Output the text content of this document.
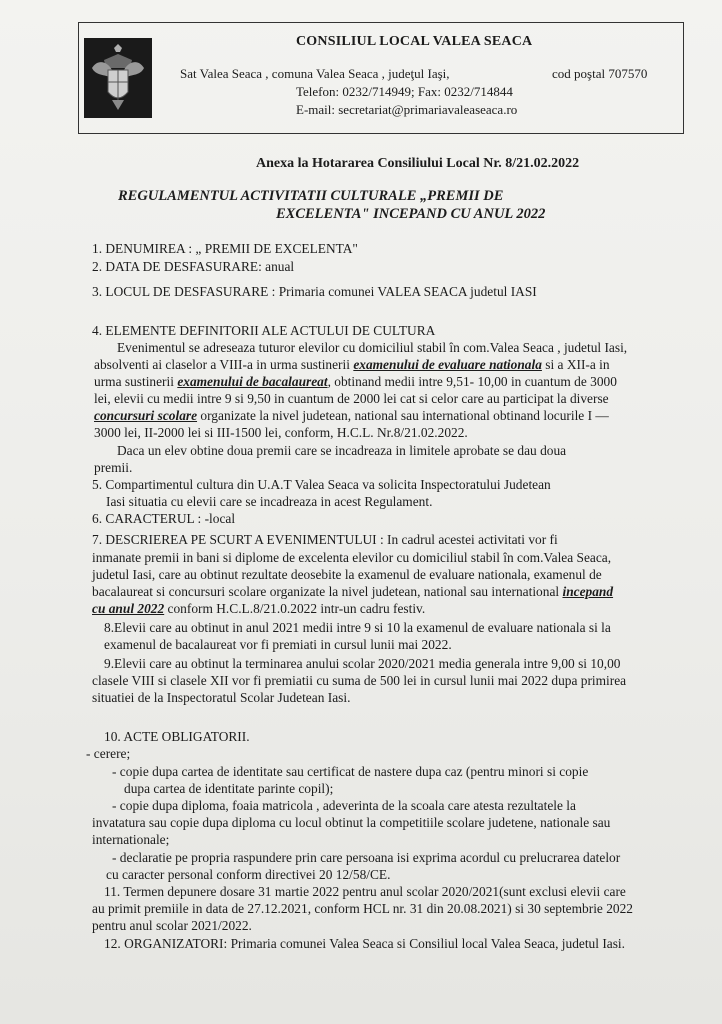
CONSILIUL LOCAL VALEA SEACA
Sat Valea Seaca , comuna Valea Seaca , judeţul Iaşi,	cod poştal 707570
Telefon: 0232/714949; Fax: 0232/714844
E-mail: secretariat@primariavaleaseaca.ro
Anexa la Hotararea Consiliului Local Nr. 8/21.02.2022
REGULAMENTUL ACTIVITATII CULTURALE „PREMII DE
EXCELENTA" INCEPAND CU ANUL 2022
1. DENUMIREA : „ PREMII DE EXCELENTA"
2. DATA DE DESFASURARE: anual
3. LOCUL DE DESFASURARE : Primaria comunei VALEA SEACA judetul IASI
4. ELEMENTE DEFINITORII ALE ACTULUI DE CULTURA
Evenimentul se adreseaza tuturor elevilor cu domiciliul stabil în com.Valea Seaca , judetul Iasi,
absolventi ai claselor a VIII-a in urma sustinerii examenului de evaluare nationala si a XII-a in
urma sustinerii examenului de bacalaureat, obtinand medii intre 9,51- 10,00 in cuantum de 3000
lei, elevii cu medii intre 9 si 9,50 in cuantum de 2000 lei cat si celor care au participat la diverse
concursuri scolare organizate la nivel judetean, national sau international obtinand locurile I —
3000 lei, II-2000 lei si III-1500 lei, conform, H.C.L. Nr.8/21.02.2022.
Daca un elev obtine doua premii care se incadreaza in limitele aprobate se dau doua
premii.
5. Compartimentul cultura din U.A.T Valea Seaca va solicita Inspectoratului Judetean
Iasi situatia cu elevii care se incadreaza in acest Regulament.
6. CARACTERUL : -local
7. DESCRIEREA PE SCURT A EVENIMENTULUI : In cadrul acestei activitati vor fi
inmanate premii in bani si diplome de excelenta elevilor cu domiciliul stabil în com.Valea Seaca,
judetul Iasi, care au obtinut rezultate deosebite la examenul de evaluare nationala, examenul de
bacalaureat si concursuri scolare organizate la nivel judetean, national sau international incepand
cu anul 2022 conform H.C.L.8/21.0.2022 intr-un cadru festiv.
8.Elevii care au obtinut in anul 2021 medii intre 9 si 10 la examenul de evaluare nationala si la
examenul de bacalaureat vor fi premiati in cursul lunii mai 2022.
9.Elevii care au obtinut la terminarea anului scolar 2020/2021 media generala intre 9,00 si 10,00
clasele VIII si clasele XII vor fi premiatii cu suma de 500 lei in cursul lunii mai 2022 dupa primirea
situatiei de la Inspectoratul Scolar Judetean Iasi.
10. ACTE OBLIGATORII.
- cerere;
- copie dupa cartea de identitate sau certificat de nastere dupa caz (pentru minori si copie
dupa cartea de identitate parinte copil);
- copie dupa diploma, foaia matricola , adeverinta de la scoala care atesta rezultatele la
invatatura sau copie dupa diploma cu locul obtinut la competitiile scolare judetene, nationale sau
internationale;
- declaratie pe propria raspundere prin care persoana isi exprima acordul cu prelucrarea datelor
cu caracter personal conform directivei 20 12/58/CE.
11. Termen depunere dosare 31 martie 2022 pentru anul scolar 2020/2021(sunt exclusi elevii care
au primit premiile in data de 27.12.2021, conform HCL nr. 31 din 20.08.2021) si 30 septembrie 2022
pentru anul scolar 2021/2022.
12. ORGANIZATORI: Primaria comunei Valea Seaca si Consiliul local Valea Seaca, judetul Iasi.
